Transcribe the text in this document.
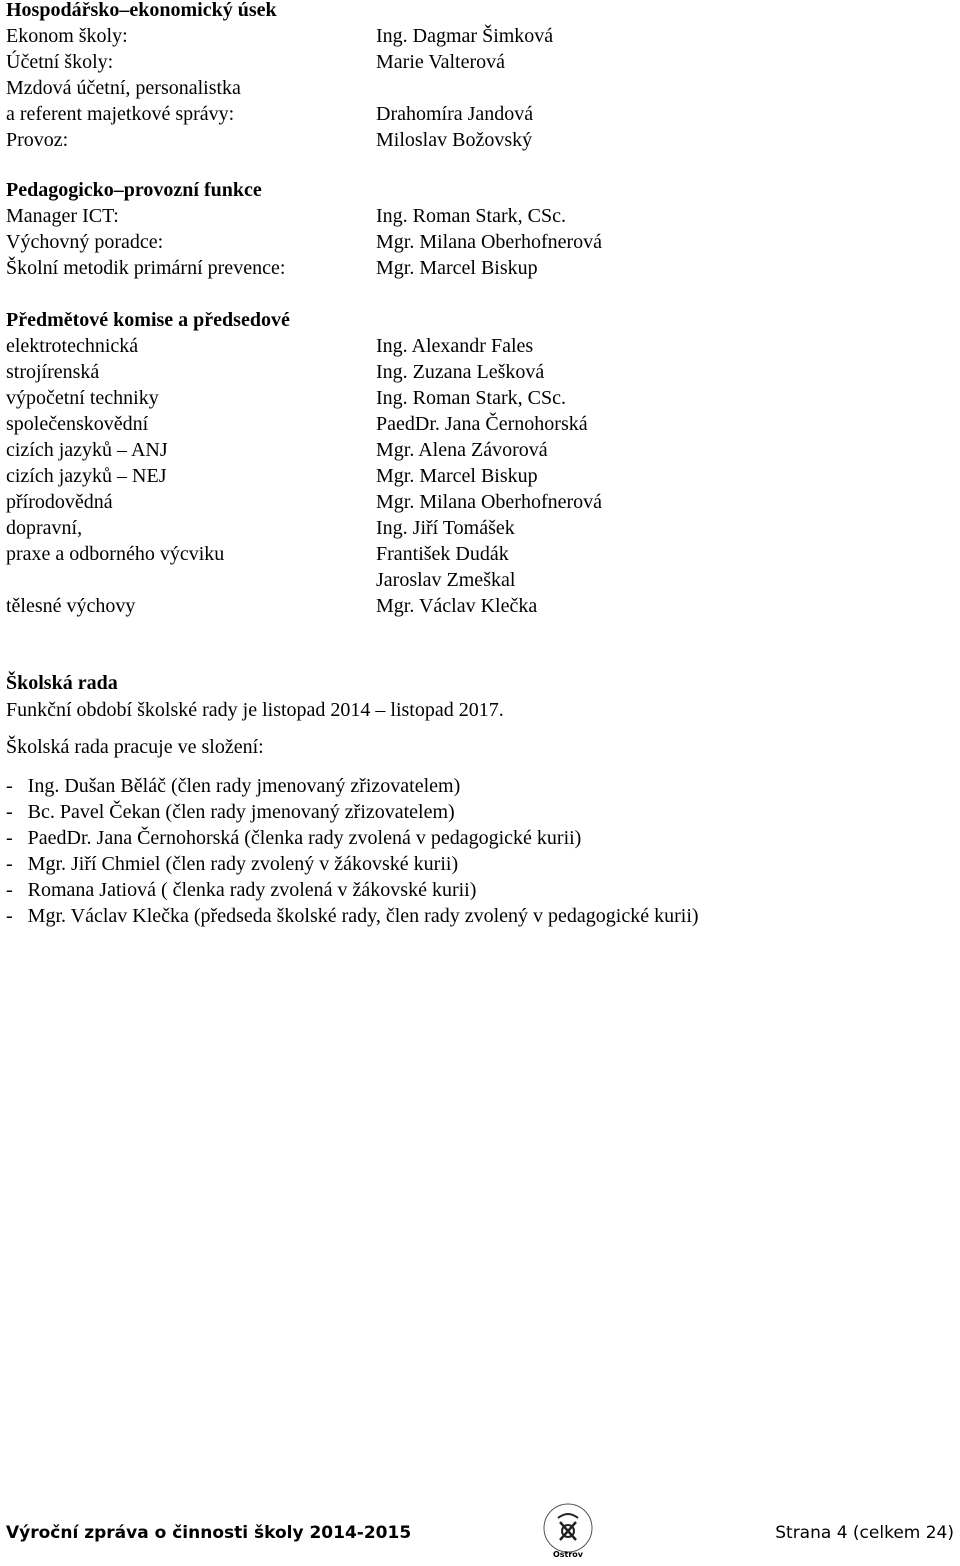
Hospodářsko–ekonomický úsek
Ekonom školy:	Ing. Dagmar Šimková
Účetní školy:	Marie Valterová
Mzdová účetní, personalistka
a referent majetkové správy:	Drahomíra Jandová
Provoz:	Miloslav Božovský
Pedagogicko–provozní funkce
Manager ICT:	Ing. Roman Stark, CSc.
Výchovný poradce:	Mgr. Milana Oberhofnerová
Školní metodik primární prevence:	Mgr. Marcel Biskup
Předmětové komise a předsedové
elektrotechnická	Ing. Alexandr Fales
strojírenská	Ing. Zuzana Lešková
výpočetní techniky	Ing. Roman Stark, CSc.
společenskovědní	PaedDr. Jana Černohorská
cizích jazyků – ANJ	Mgr. Alena Závorová
cizích jazyků – NEJ	Mgr. Marcel Biskup
přírodovědná	Mgr. Milana Oberhofnerová
dopravní,	Ing. Jiří Tomášek
praxe a odborného výcviku	František Dudák
Jaroslav Zmeškal
tělesné výchovy	Mgr. Václav Klečka
Školská rada
Funkční období školské rady je listopad 2014 – listopad 2017.
Školská rada pracuje ve složení:
-   Ing. Dušan Běláč (člen rady jmenovaný zřizovatelem)
-   Bc. Pavel Čekan (člen rady jmenovaný zřizovatelem)
-   PaedDr. Jana Černohorská (členka rady zvolená v pedagogické kurii)
-   Mgr. Jiří Chmiel (člen rady zvolený v žákovské kurii)
-   Romana Jatiová ( členka rady zvolená v žákovské kurii)
-   Mgr. Václav Klečka (předseda školské rady, člen rady zvolený v pedagogické kurii)
Výroční zpráva o činnosti školy 2014-2015
Ostrov
Strana 4 (celkem 24)
